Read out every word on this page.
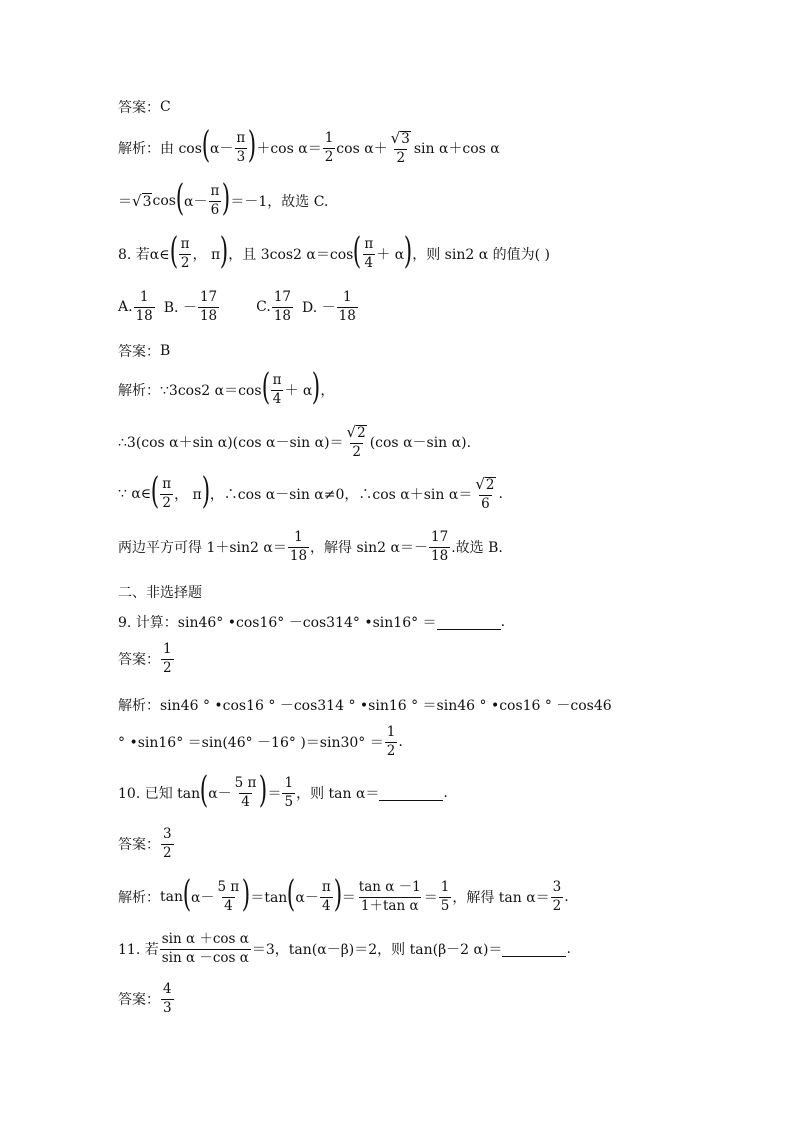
答案： C
解析： 由 cos ( $\alpha- \frac{\pi}{3}$ ) ＋cos $\alpha= \frac{1}{2}$ $\cos \alpha+ \frac{√ 3}{2}$ sin α＋cos α
＝ √ 3 cos ( $\alpha- \frac{\pi}{6}$ ) ＝－1，故选 C.
8. 若α∈ ( $\frac{\pi}{2}$ ， π ) ，且 3cos2 α＝cos ( $\frac{\pi}{4} + \alpha$ ) ，则 sin2 α 的值为( )
A. $\frac{1}{18} B$. － $\frac{17}{18}$	C. $\frac{17}{18} D$. － $\frac{1}{18}$
答案： B
解析： ∵3cos2 α＝cos ( $\frac{\pi}{4} + \alpha$ ) ，
∴3(cos α＋sin α)(cos α－sin $\alpha)= \frac{√ 2}{2} (\cos$ α－sin α).
∵ α∈ ( $\frac{\pi}{2}$ ， π ) ，∴cos α－sin α≠0，∴cos α＋sin $\alpha= \frac{√ 2}{6}$ .
两边平方可得 1＋sin2 $\alpha= \frac{1}{18}$ ，解得 sin2 $\alpha=- \frac{17}{18}$ .故选 B.
二、非选择题
9. 计算：sin46° •cos16° －cos314° •sin16° ＝	.
答案： $\frac{1}{2}$
解析： sin46 ° •cos16 ° －cos314 ° •sin16 ° ＝sin46 ° •cos16 ° －cos46
° •sin16° ＝sin(46° －16° )$=\sin 30^\circ = \frac{1}{2}$ .
10. 已知 tan ( $\alpha- \frac{5 \pi}{4}$ ) ＝ $\frac{1}{5}$ ，则 tan α＝	.
答案： $\frac{3}{2}$
解析： tan ( $\alpha- \frac{5 \pi}{4}$ ) ＝tan ( $\alpha- \frac{\pi}{4}$ ) ＝ $\frac{\text{tan α －1}}{\text{1＋tan α}} = \frac{1}{5}$ ，解得 $\tan \alpha= \frac{3}{2}$ .
11. 若 $\frac{\text{sin α ＋cos α}}{\text{sin α －cos α}} =3$，tan(α－β)＝2，则 tan(β－2 α)＝	.
答案： $\frac{4}{3}$
